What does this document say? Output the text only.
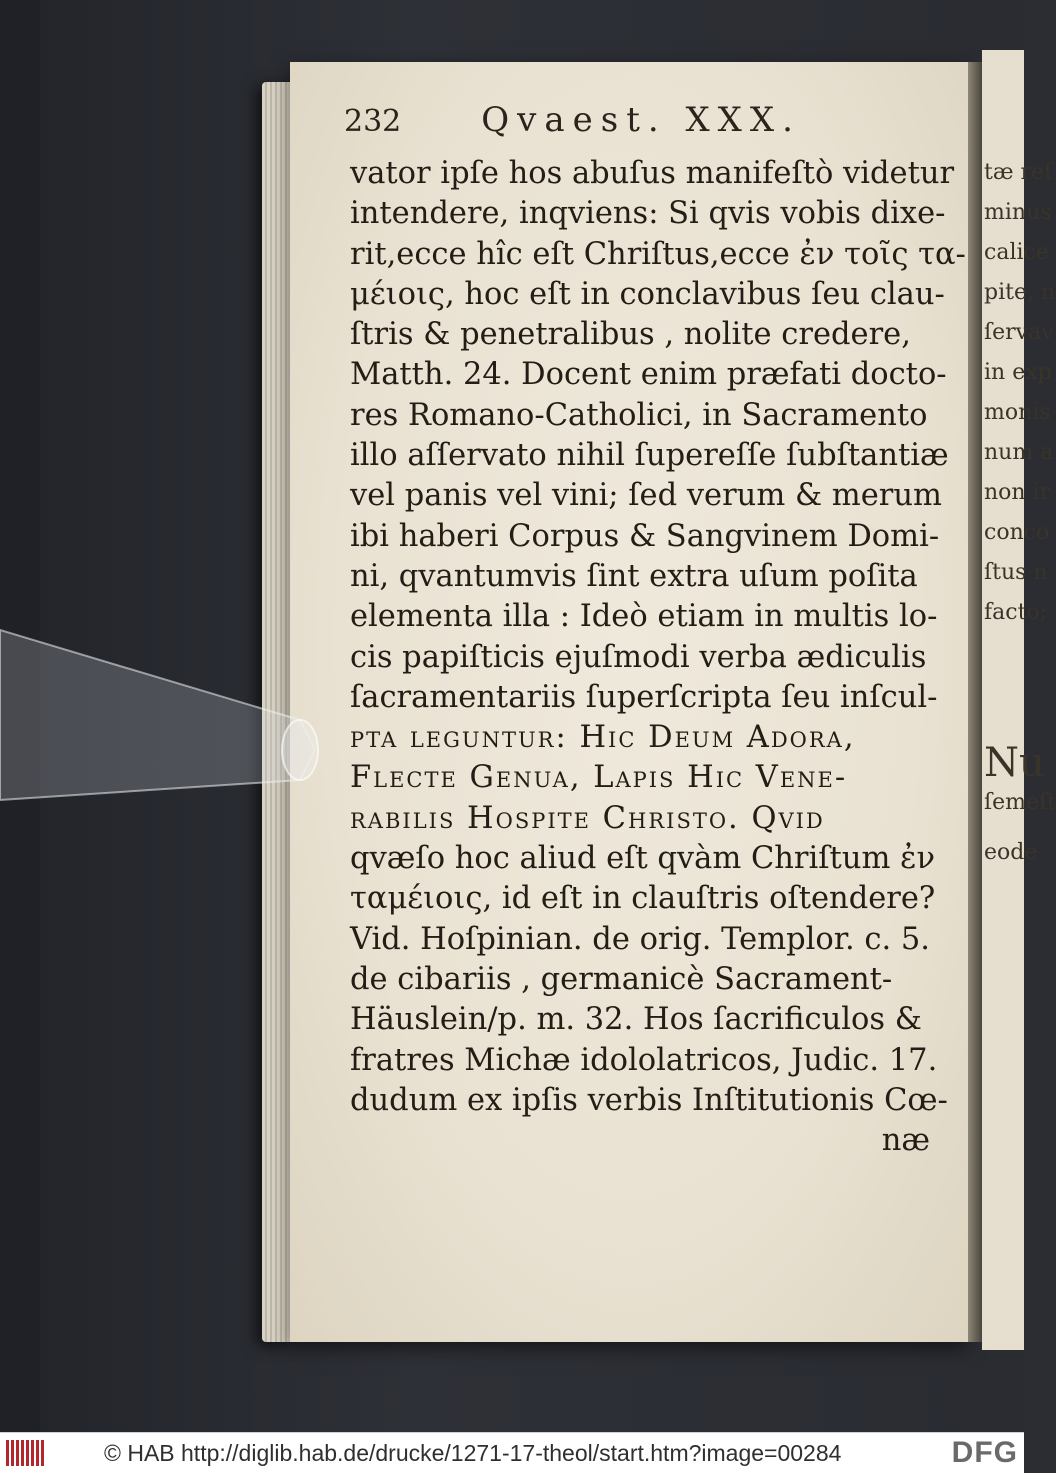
tæ reſ
minus
calice
pite, n
ſervav
in exp
monis
num a
non ir
conco
ſtus n
facto;
Nu
ſemeſt
eode
232 Qvaest. XXX.
vator ipſe hos abuſus manifeſtò videtur
intendere, inqviens: Si qvis vobis dixe-
rit,ecce hîc eſt Chriſtus,ecce ἐν τοῖς τα-
μέιοις, hoc eſt in conclavibus ſeu clau-
ſtris & penetralibus , nolite credere,
Matth. 24. Docent enim præfati docto-
res Romano-Catholici, in Sacramento
illo aſſervato nihil ſupereſſe ſubſtantiæ
vel panis vel vini; ſed verum & merum
ibi haberi Corpus & Sangvinem Domi-
ni, qvantumvis ſint extra uſum poſita
elementa illa : Ideò etiam in multis lo-
cis papiſticis ejuſmodi verba ædiculis
ſacramentariis ſuperſcripta ſeu inſcul-
pta leguntur: Hic Deum Adora,
Flecte Genua, Lapis Hic Vene-
rabilis Hospite Christo. Qvid
qvæſo hoc aliud eſt qvàm Chriſtum ἐν
ταμέιοις, id eſt in clauſtris oſtendere?
Vid. Hoſpinian. de orig. Templor. c. 5.
de cibariis , germanicè Sacrament-
Häuslein/p. m. 32. Hos ſacrificulos &
fratres Michæ idololatricos, Judic. 17.
dudum ex ipſis verbis Inſtitutionis Cœ-
næ
© HAB http://diglib.hab.de/drucke/1271-17-theol/start.htm?image=00284	DFG
